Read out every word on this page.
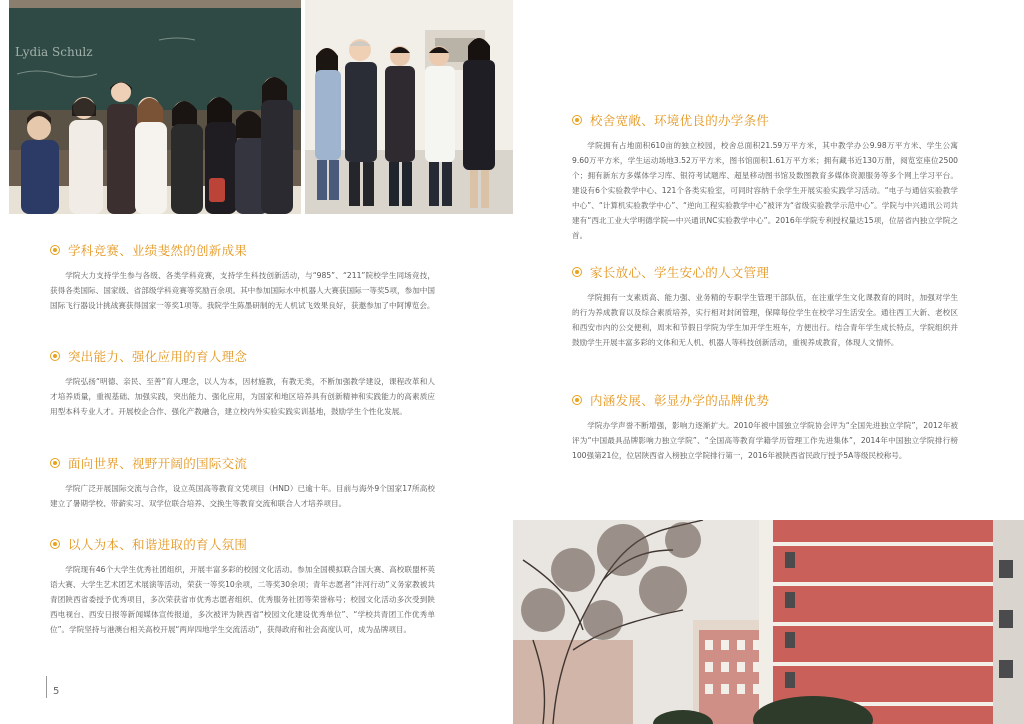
Lydia Schulz
学科竞赛、业绩斐然的创新成果
学院大力支持学生参与各级、各类学科竞赛，支持学生科技创新活动，与“985”、“211”院校学生同场竞技，获得各类国际、国家级、省部级学科竞赛等奖励百余项。其中参加国际水中机器人大赛获国际一等奖5项，参加中国国际飞行器设计挑战赛获得国家一等奖1项等。我院学生陈墨研制的无人机试飞效果良好，获邀参加了中阿博览会。
突出能力、强化应用的育人理念
学院弘扬“明德、亲民、至善”育人理念，以人为本，因材施教，有教无类，不断加强教学建设，课程改革和人才培养质量，重视基础、加强实践，突出能力、强化应用，为国家和地区培养具有创新精神和实践能力的高素质应用型本科专业人才。开展校企合作、强化产教融合，建立校内外实验实践实训基地，鼓励学生个性化发展。
面向世界、视野开阔的国际交流
学院广泛开展国际交流与合作，设立英国高等教育文凭项目（HND）已逾十年。目前与海外9个国家17所高校建立了暑期学校、带薪实习、双学位联合培养、交换生等教育交流和联合人才培养项目。
以人为本、和谐进取的育人氛围
学院现有46个大学生优秀社团组织，开展丰富多彩的校园文化活动。参加全国模拟联合国大赛、高校联盟杯英语大赛、大学生艺术团艺术展演等活动，荣获一等奖10余项，二等奖30余项；青年志愿者“沣河行动”义务家教被共青团陕西省委授予优秀项目，多次荣获省市优秀志愿者组织、优秀服务社团等荣誉称号；校园文化活动多次受到陕西电视台、西安日报等新闻媒体宣传报道，多次被评为陕西省“校园文化建设优秀单位”、“学校共青团工作优秀单位”。学院坚持与港澳台相关高校开展“两岸四地学生交流活动”，获得政府和社会高度认可，成为品牌项目。
校舍宽敞、环境优良的办学条件
学院拥有占地面积610亩的独立校园，校舍总面积21.59万平方米，其中教学办公9.98万平方米、学生公寓9.60万平方米，学生运动场地3.52万平方米，图书馆面积1.61万平方米；拥有藏书近130万册，阅览室座位2500个；拥有新东方多媒体学习库、银符考试题库、超星移动图书馆及数图教育多媒体资源服务等多个网上学习平台。建设有6个实验教学中心、121个各类实验室，可同时容纳千余学生开展实验实践学习活动。“电子与通信实验教学中心”、“计算机实验教学中心”、“逆向工程实验教学中心”被评为“省级实验教学示范中心”。学院与中兴通讯公司共建有“西北工业大学明德学院—中兴通讯NC实验教学中心”。2016年学院专利授权量达15项，位居省内独立学院之首。
家长放心、学生安心的人文管理
学院拥有一支素质高、能力强、业务精的专职学生管理干部队伍，在注重学生文化课教育的同时，加强对学生的行为养成教育以及综合素质培养，实行相对封闭管理，保障每位学生在校学习生活安全。通往西工大新、老校区和西安市内的公交便利，周末和节假日学院为学生加开学生班车，方便出行。结合青年学生成长特点，学院组织并鼓励学生开展丰富多彩的文体和无人机、机器人等科技创新活动，重视养成教育，体现人文情怀。
内涵发展、彰显办学的品牌优势
学院办学声誉不断增强，影响力逐渐扩大。2010年被中国独立学院协会评为“全国先进独立学院”，2012年被评为“中国最具品牌影响力独立学院”、“全国高等教育学籍学历管理工作先进集体”，2014年中国独立学院排行榜100强第21位，位居陕西省入榜独立学院排行第一，2016年被陕西省民政厅授予5A等级民校称号。
5
